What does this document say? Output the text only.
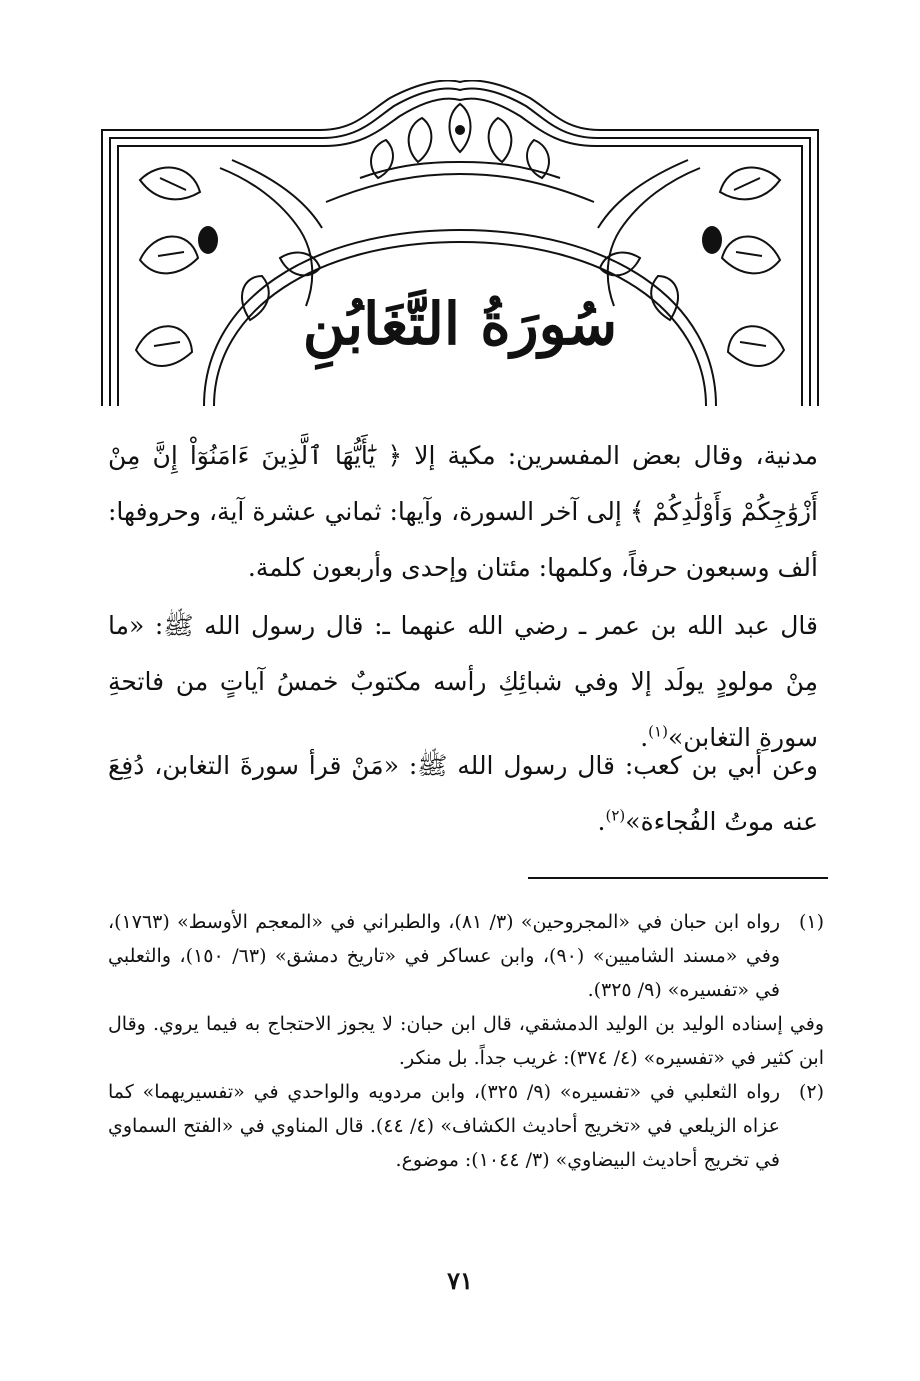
سُورَةُ التَّغَابُنِ

مدنية، وقال بعض المفسرين: مكية إلا ﴿ يَٰٓأَيُّهَا ٱلَّذِينَ ءَامَنُوٓاْ إِنَّ مِنْ أَزْوَٰجِكُمْ وَأَوْلَٰدِكُمْ ﴾ إلى آخر السورة، وآيها: ثماني عشرة آية، وحروفها: ألف وسبعون حرفاً، وكلمها: مئتان وإحدى وأربعون كلمة.

قال عبد الله بن عمر ـ رضي الله عنهما ـ: قال رسول الله ﷺ: «ما مِنْ مولودٍ يولَد إلا وفي شبائِكِ رأسه مكتوبٌ خمسُ آياتٍ من فاتحةِ سورةِ التغابن»$^{(١)}$.

وعن أبي بن كعب: قال رسول الله ﷺ: «مَنْ قرأ سورةَ التغابن، دُفِعَ عنه موتُ الفُجاءة»$^{(٢)}$.

(١)
رواه ابن حبان في «المجروحين» (٣/ ٨١)، والطبراني في «المعجم الأوسط» (١٧٦٣)، وفي «مسند الشاميين» (٩٠)، وابن عساكر في «تاريخ دمشق» (٦٣/ ١٥٠)، والثعلبي في «تفسيره» (٩/ ٣٢٥).
وفي إسناده الوليد بن الوليد الدمشقي، قال ابن حبان: لا يجوز الاحتجاج به فيما يروي. وقال ابن كثير في «تفسيره» (٤/ ٣٧٤): غريب جداً. بل منكر.
(٢)
رواه الثعلبي في «تفسيره» (٩/ ٣٢٥)، وابن مردويه والواحدي في «تفسيريهما» كما عزاه الزيلعي في «تخريج أحاديث الكشاف» (٤/ ٤٤). قال المناوي في «الفتح السماوي في تخريج أحاديث البيضاوي» (٣/ ١٠٤٤): موضوع.
٧١
